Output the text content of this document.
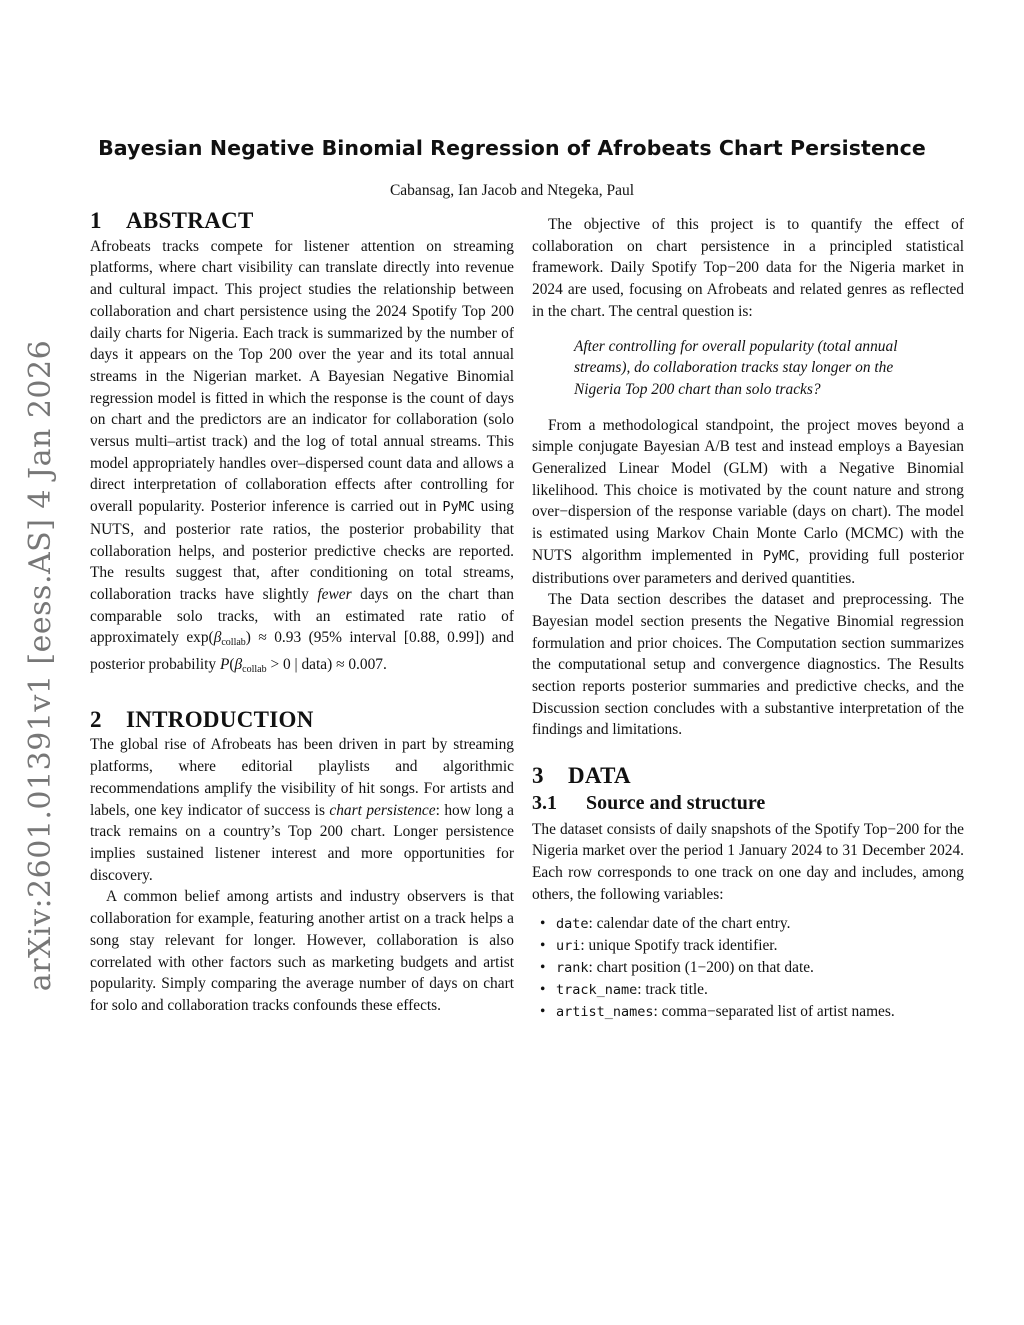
arXiv:2601.01391v1 [eess.AS] 4 Jan 2026
Bayesian Negative Binomial Regression of Afrobeats Chart Persistence
Cabansag, Ian Jacob and Ntegeka, Paul
1 ABSTRACT

Afrobeats tracks compete for listener attention on streaming platforms, where chart visibility can translate directly into revenue and cultural impact. This project studies the relationship between collaboration and chart persistence using the 2024 Spotify Top 200 daily charts for Nigeria. Each track is summarized by the number of days it appears on the Top 200 over the year and its total annual streams in the Nigerian market. A Bayesian Negative Binomial regression model is fitted in which the response is the count of days on chart and the predictors are an indicator for collaboration (solo versus multi–artist track) and the log of total annual streams. This model appropriately handles over–dispersed count data and allows a direct interpretation of collaboration effects after controlling for overall popularity. Posterior inference is carried out in PyMC using NUTS, and posterior rate ratios, the posterior probability that collaboration helps, and posterior predictive checks are reported. The results suggest that, after conditioning on total streams, collaboration tracks have slightly fewer days on the chart than comparable solo tracks, with an estimated rate ratio of approximately $\exp(\beta_{collab}) \approx 0.93$ (95% interval [0.88, 0.99]) and posterior probability $P(\beta_{collab} > 0$ | data) ≈ 0.007.

2 INTRODUCTION

The global rise of Afrobeats has been driven in part by streaming platforms, where editorial playlists and algorithmic recommendations amplify the visibility of hit songs. For artists and labels, one key indicator of success is chart persistence: how long a track remains on a country’s Top 200 chart. Longer persistence implies sustained listener interest and more opportunities for discovery.

A common belief among artists and industry observers is that collaboration for example, featuring another artist on a track helps a song stay relevant for longer. However, collaboration is also correlated with other factors such as marketing budgets and artist popularity. Simply comparing the average number of days on chart for solo and collaboration tracks confounds these effects.

The objective of this project is to quantify the effect of collaboration on chart persistence in a principled statistical framework. Daily Spotify Top−200 data for the Nigeria market in 2024 are used, focusing on Afrobeats and related genres as reflected in the chart. The central question is:

After controlling for overall popularity (total annual streams), do collaboration tracks stay longer on the Nigeria Top 200 chart than solo tracks?

From a methodological standpoint, the project moves beyond a simple conjugate Bayesian A/B test and instead employs a Bayesian Generalized Linear Model (GLM) with a Negative Binomial likelihood. This choice is motivated by the count nature and strong over−dispersion of the response variable (days on chart). The model is estimated using Markov Chain Monte Carlo (MCMC) with the NUTS algorithm implemented in PyMC, providing full posterior distributions over parameters and derived quantities.

The Data section describes the dataset and preprocessing. The Bayesian model section presents the Negative Binomial regression formulation and prior choices. The Computation section summarizes the computational setup and convergence diagnostics. The Results section reports posterior summaries and predictive checks, and the Discussion section concludes with a substantive interpretation of the findings and limitations.

3 DATA
3.1 Source and structure

The dataset consists of daily snapshots of the Spotify Top−200 for the Nigeria market over the period 1 January 2024 to 31 December 2024. Each row corresponds to one track on one day and includes, among others, the following variables:

• date: calendar date of the chart entry.
• uri: unique Spotify track identifier.
• rank: chart position (1−200) on that date.
• track_name: track title.
• artist_names: comma−separated list of artist names.
